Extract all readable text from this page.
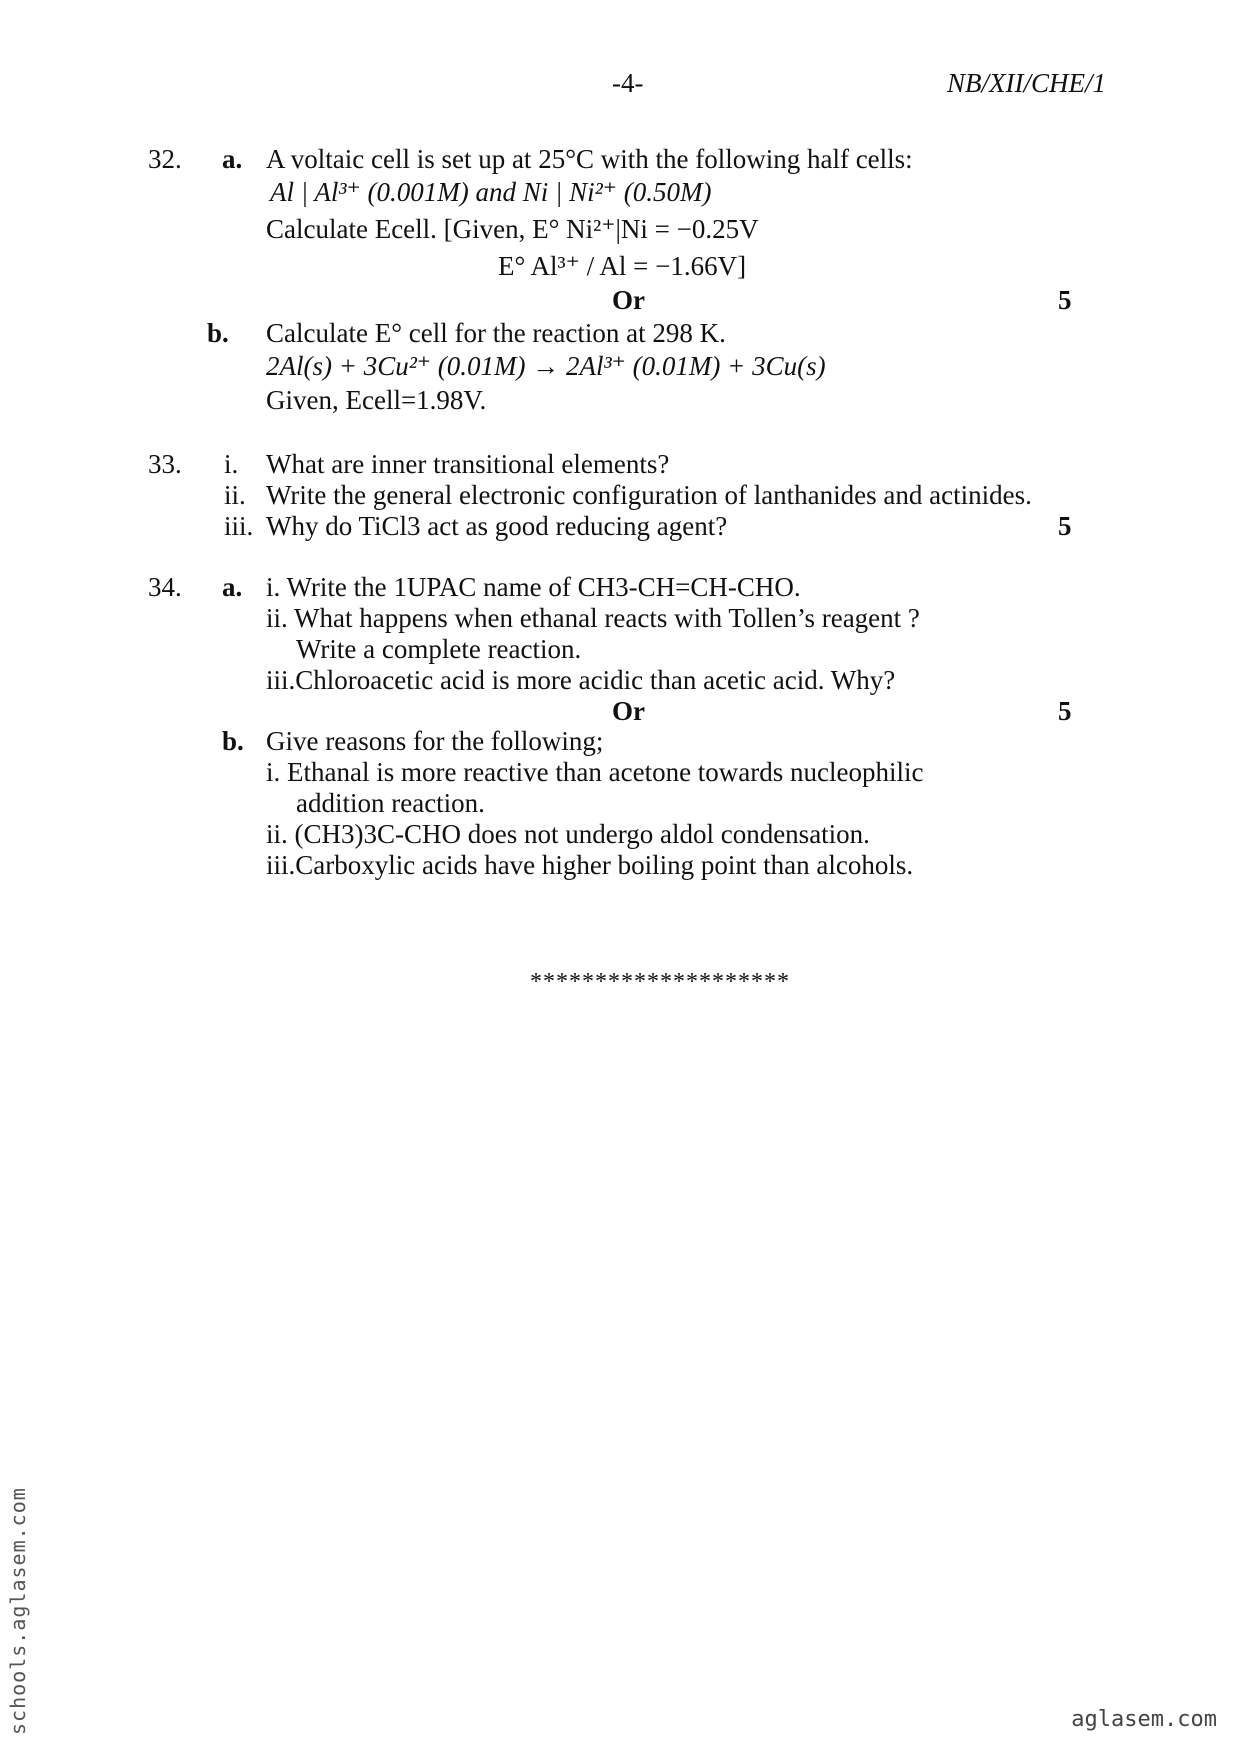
-4-	NB/XII/CHE/1
32. a. A voltaic cell is set up at 25°C with the following half cells:
Al | Al³⁺ (0.001M) and Ni | Ni²⁺ (0.50M)
Calculate Ecell. [Given, E° Ni²⁺|Ni = −0.25V
E° Al³⁺ / Al = −1.66V]
Or	5
b. Calculate E° cell for the reaction at 298 K.
2Al(s) + 3Cu²⁺ (0.01M) → 2Al³⁺ (0.01M) + 3Cu(s)
Given, Ecell=1.98V.
33. i. What are inner transitional elements?
ii. Write the general electronic configuration of lanthanides and actinides.
iii. Why do TiCl3 act as good reducing agent?	5
34. a. i. Write the 1UPAC name of CH3-CH=CH-CHO.
ii. What happens when ethanal reacts with Tollen’s reagent ?
Write a complete reaction.
iii.Chloroacetic acid is more acidic than acetic acid. Why?
Or	5
b. Give reasons for the following;
i. Ethanal is more reactive than acetone towards nucleophilic
addition reaction.
ii. (CH3)3C-CHO does not undergo aldol condensation.
iii.Carboxylic acids have higher boiling point than alcohols.
********************
schools.aglasem.com	aglasem.com
